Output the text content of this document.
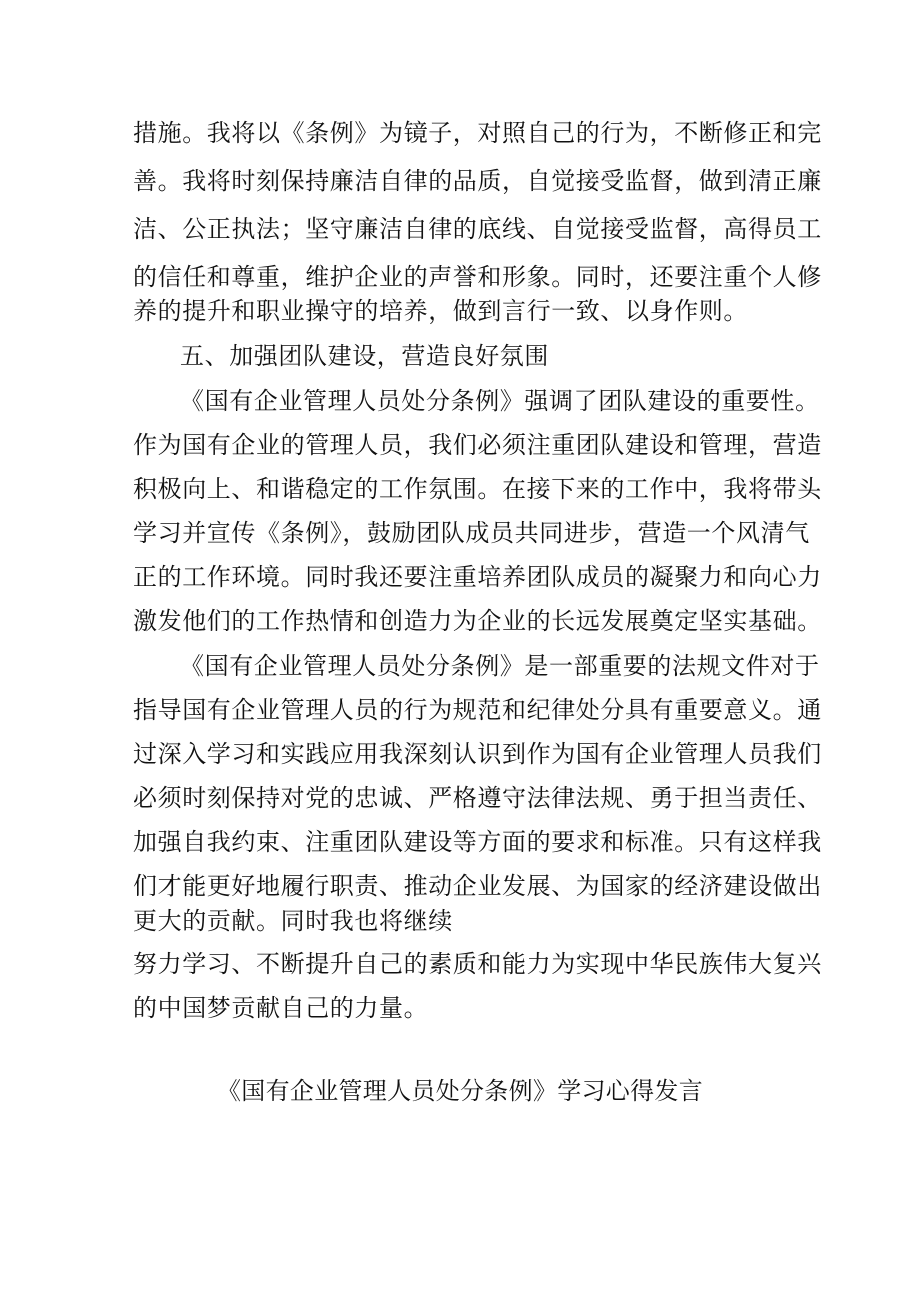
措施。我将以《条例》为镜子，对照自己的行为，不断修正和完
善。我将时刻保持廉洁自律的品质，自觉接受监督，做到清正廉
洁、公正执法；坚守廉洁自律的底线、自觉接受监督，高得员工
的信任和尊重，维护企业的声誉和形象。同时，还要注重个人修
养的提升和职业操守的培养，做到言行一致、以身作则。
五、加强团队建设，营造良好氛围
《国有企业管理人员处分条例》强调了团队建设的重要性。
作为国有企业的管理人员，我们必须注重团队建设和管理，营造
积极向上、和谐稳定的工作氛围。在接下来的工作中，我将带头
学习并宣传《条例》，鼓励团队成员共同进步，营造一个风清气
正的工作环境。同时我还要注重培养团队成员的凝聚力和向心力
激发他们的工作热情和创造力为企业的长远发展奠定坚实基础。
《国有企业管理人员处分条例》是一部重要的法规文件对于
指导国有企业管理人员的行为规范和纪律处分具有重要意义。通
过深入学习和实践应用我深刻认识到作为国有企业管理人员我们
必须时刻保持对党的忠诚、严格遵守法律法规、勇于担当责任、
加强自我约束、注重团队建设等方面的要求和标准。只有这样我
们才能更好地履行职责、推动企业发展、为国家的经济建设做出
更大的贡献。同时我也将继续
努力学习、不断提升自己的素质和能力为实现中华民族伟大复兴
的中国梦贡献自己的力量。
《国有企业管理人员处分条例》学习心得发言
